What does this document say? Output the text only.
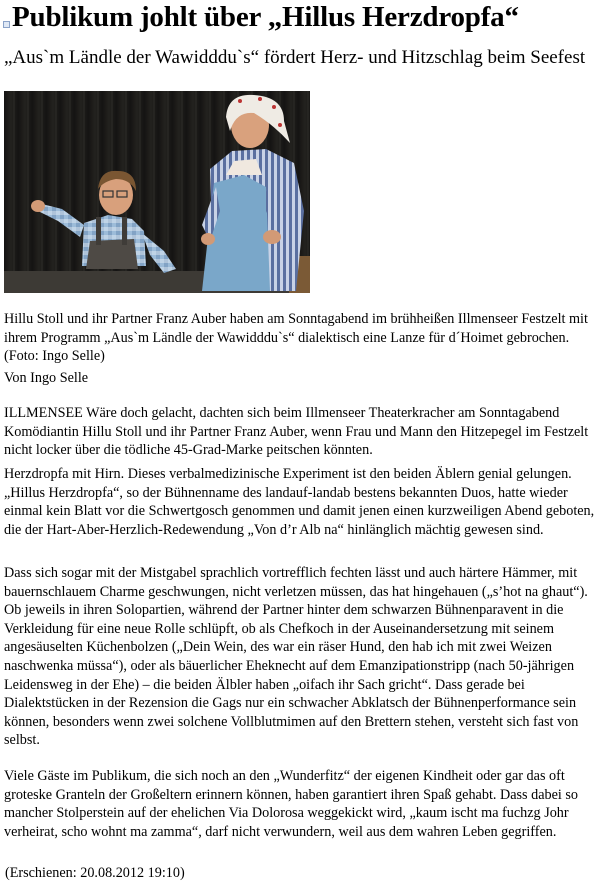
Publikum johlt über „Hillus Herzdropfa“

„Aus`m Ländle der Wawidddu`s“ fördert Herz- und Hitzschlag beim Seefest

Hillu Stoll und ihr Partner Franz Auber haben am Sonntagabend im brühheißen Illmenseer Festzelt mit ihrem Programm „Aus`m Ländle der Wawidddu`s“ dialektisch eine Lanze für d´Hoimet gebrochen. (Foto: Ingo Selle)

Von Ingo Selle

ILLMENSEE Wäre doch gelacht, dachten sich beim Illmenseer Theaterkracher am Sonntagabend Komödiantin Hillu Stoll und ihr Partner Franz Auber, wenn Frau und Mann den Hitzepegel im Festzelt nicht locker über die tödliche 45-Grad-Marke peitschen könnten.

Herzdropfa mit Hirn. Dieses verbalmedizinische Experiment ist den beiden Äblern genial gelungen. „Hillus Herzdropfa“, so der Bühnenname des landauf-landab bestens bekannten Duos, hatte wieder einmal kein Blatt vor die Schwertgosch genommen und damit jenen einen kurzweiligen Abend geboten, die der Hart-Aber-Herzlich-Redewendung „Von d’r Alb na“ hinlänglich mächtig gewesen sind.

Dass sich sogar mit der Mistgabel sprachlich vortrefflich fechten lässt und auch härtere Hämmer, mit bauernschlauem Charme geschwungen, nicht verletzen müssen, das hat hingehauen („s’hot na ghaut“). Ob jeweils in ihren Solopartien, während der Partner hinter dem schwarzen Bühnenparavent in die Verkleidung für eine neue Rolle schlüpft, ob als Chefkoch in der Auseinandersetzung mit seinem angesäuselten Küchenbolzen („Dein Wein, des war ein räser Hund, den hab ich mit zwei Weizen naschwenka müssa“), oder als bäuerlicher Eheknecht auf dem Emanzipationstripp (nach 50-jährigen Leidensweg in der Ehe) – die beiden Älbler haben „oifach ihr Sach gricht“. Dass gerade bei Dialektstücken in der Rezension die Gags nur ein schwacher Abklatsch der Bühnenperformance sein können, besonders wenn zwei solchene Vollblutmimen auf den Brettern stehen, versteht sich fast von selbst.

Viele Gäste im Publikum, die sich noch an den „Wunderfitz“ der eigenen Kindheit oder gar das oft groteske Granteln der Großeltern erinnern können, haben garantiert ihren Spaß gehabt. Dass dabei so mancher Stolperstein auf der ehelichen Via Dolorosa weggekickt wird, „kaum ischt ma fuchzg Johr verheirat, scho wohnt ma zamma“, darf nicht verwundern, weil aus dem wahren Leben gegriffen.

(Erschienen: 20.08.2012 19:10)
